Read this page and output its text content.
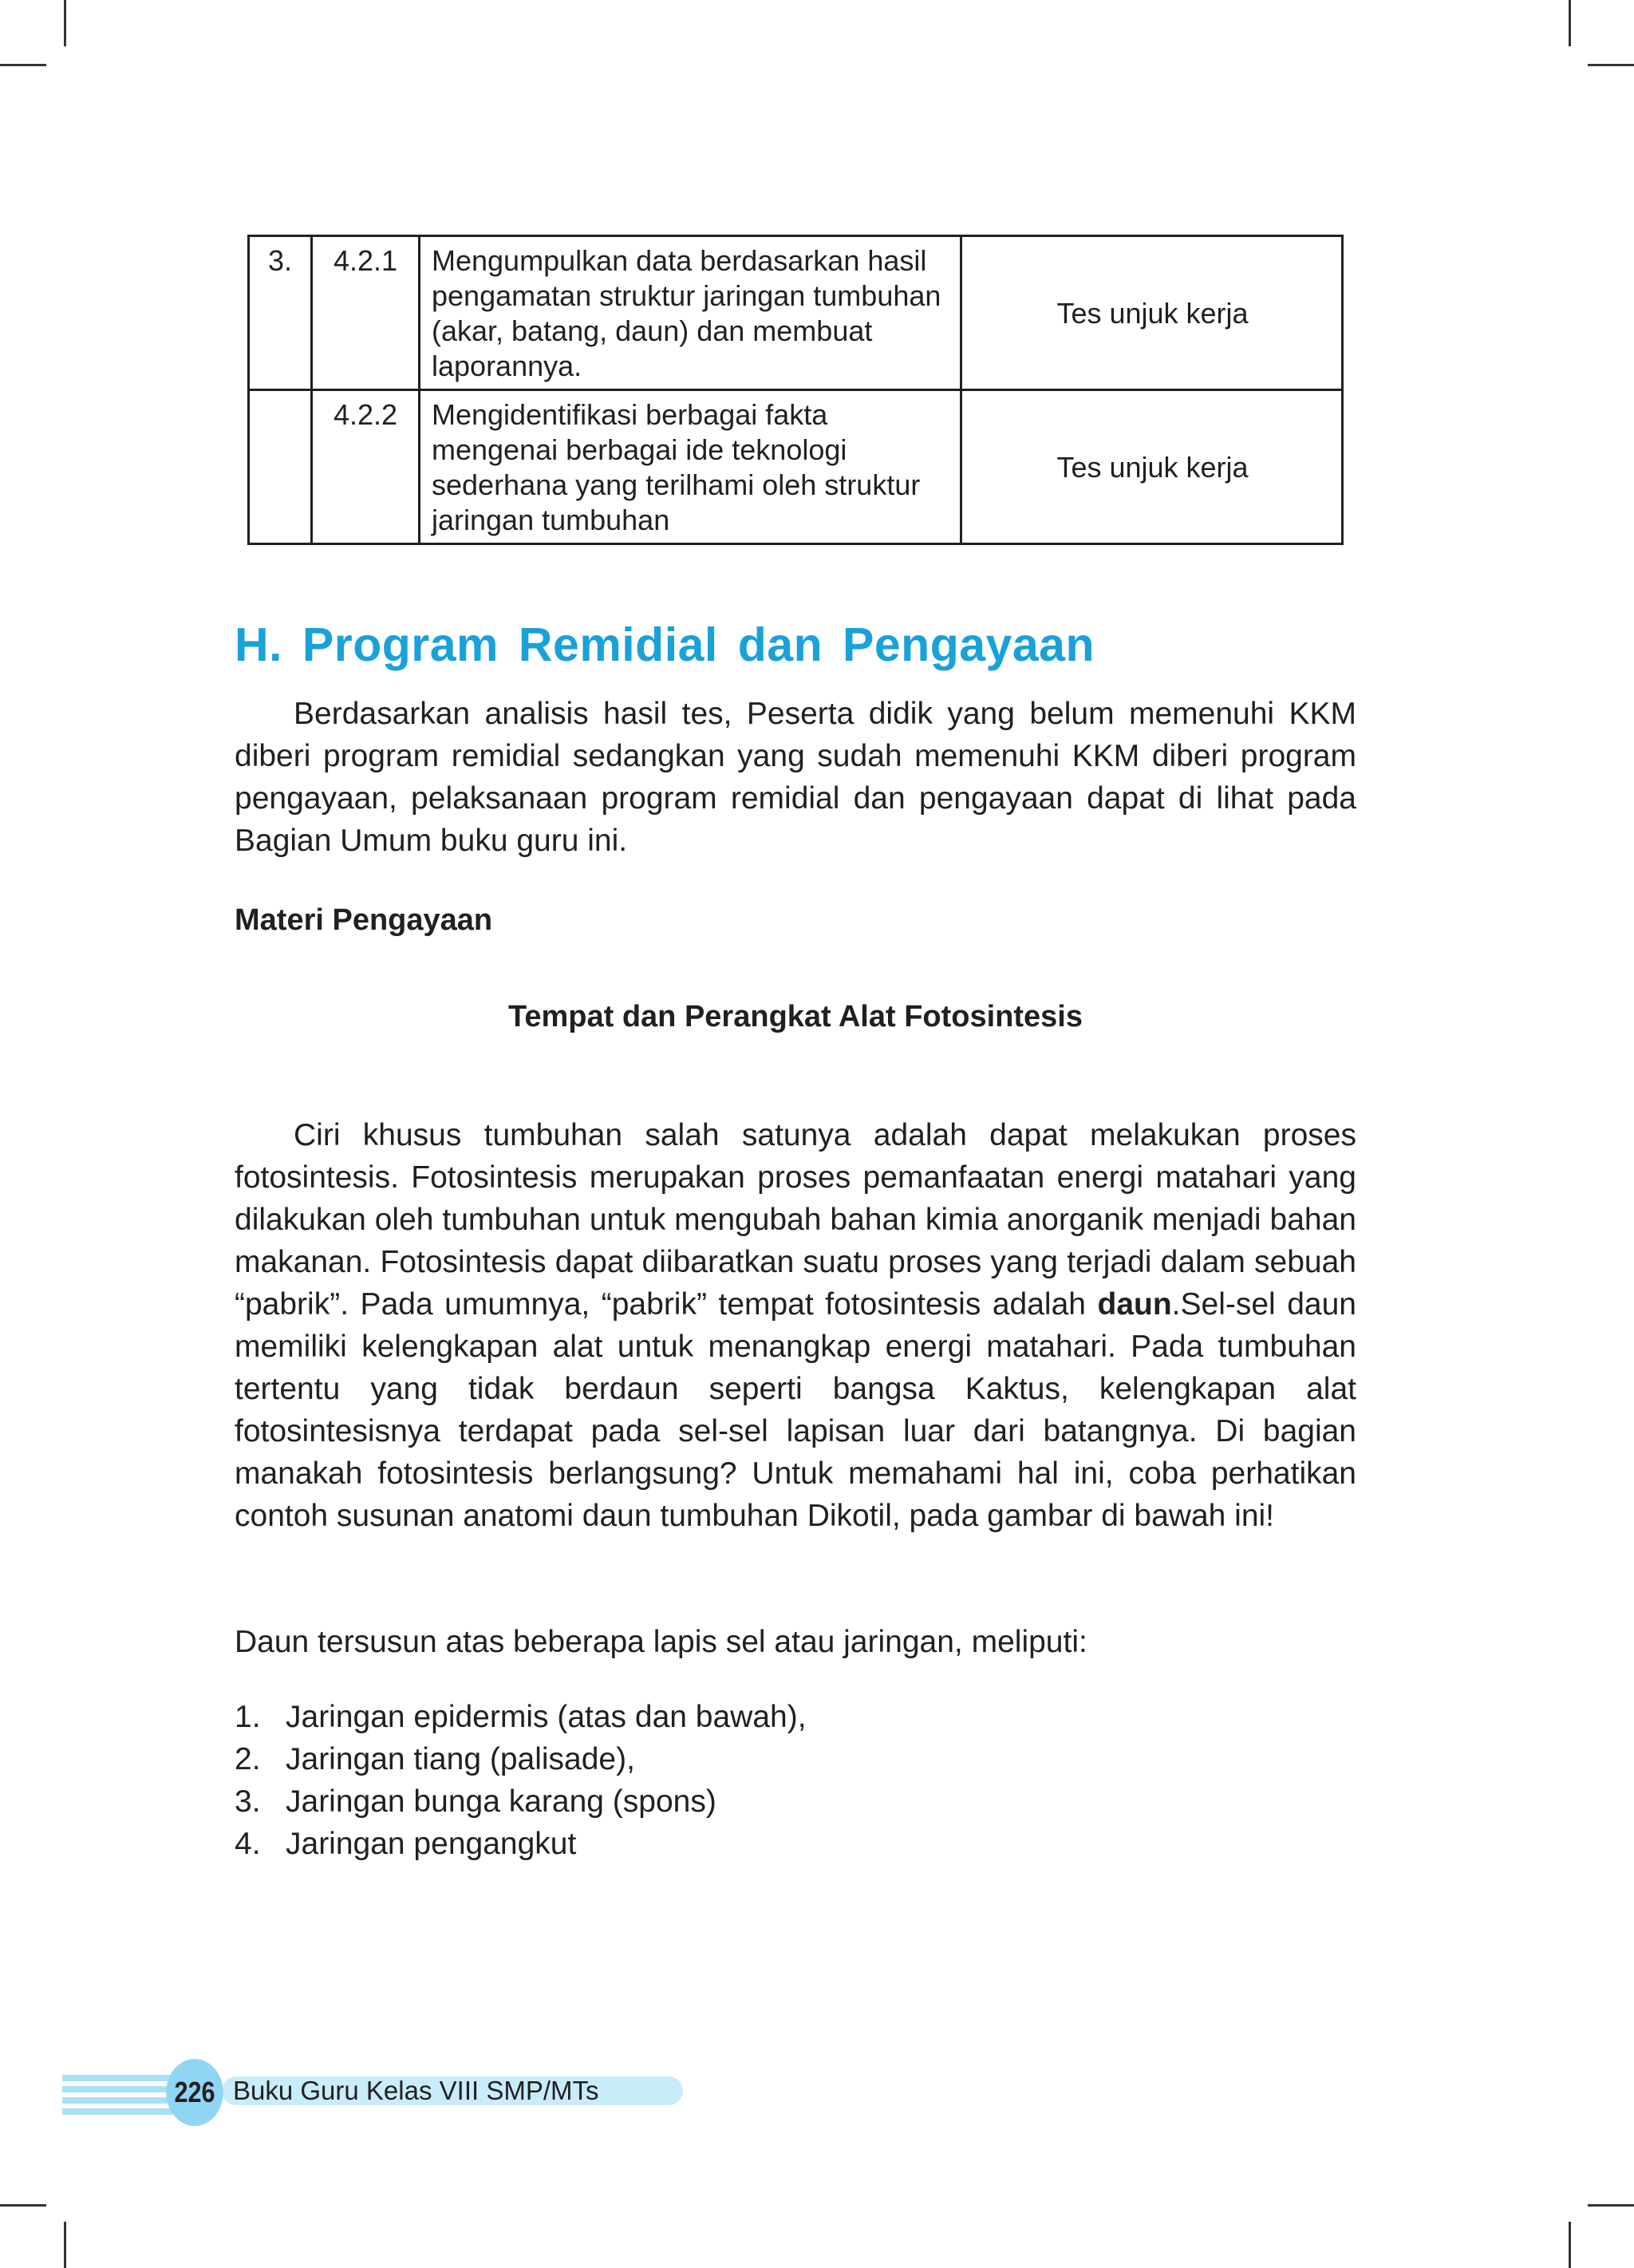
3.	4.2.1	Mengumpulkan data berdasarkan hasil pengamatan struktur jaringan tumbuhan (akar, batang, daun) dan membuat laporannya.	Tes unjuk kerja
	4.2.2	Mengidentifikasi berbagai fakta mengenai berbagai ide teknologi sederhana yang terilhami oleh struktur jaringan tumbuhan	Tes unjuk kerja
H. Program Remidial dan Pengayaan

Berdasarkan analisis hasil tes, Peserta didik yang belum memenuhi KKM diberi program remidial sedangkan yang sudah memenuhi KKM diberi program pengayaan, pelaksanaan program remidial dan pengayaan dapat di lihat pada Bagian Umum buku guru ini.

Materi Pengayaan

Tempat dan Perangkat Alat Fotosintesis

Ciri khusus tumbuhan salah satunya adalah dapat melakukan proses fotosintesis. Fotosintesis merupakan proses pemanfaatan energi matahari yang dilakukan oleh tumbuhan untuk mengubah bahan kimia anorganik menjadi bahan makanan. Fotosintesis dapat diibaratkan suatu proses yang terjadi dalam sebuah “pabrik”. Pada umumnya, “pabrik” tempat fotosintesis adalah daun.Sel-sel daun memiliki kelengkapan alat untuk menangkap energi matahari. Pada tumbuhan tertentu yang tidak berdaun seperti bangsa Kaktus, kelengkapan alat fotosintesisnya terdapat pada sel-sel lapisan luar dari batangnya. Di bagian manakah fotosintesis berlangsung? Untuk memahami hal ini, coba perhatikan contoh susunan anatomi daun tumbuhan Dikotil, pada gambar di bawah ini!

Daun tersusun atas beberapa lapis sel atau jaringan, meliputi:

1. Jaringan epidermis (atas dan bawah),
2. Jaringan tiang (palisade),
3. Jaringan bunga karang (spons)
4. Jaringan pengangkut
226 Buku Guru Kelas VIII SMP/MTs
